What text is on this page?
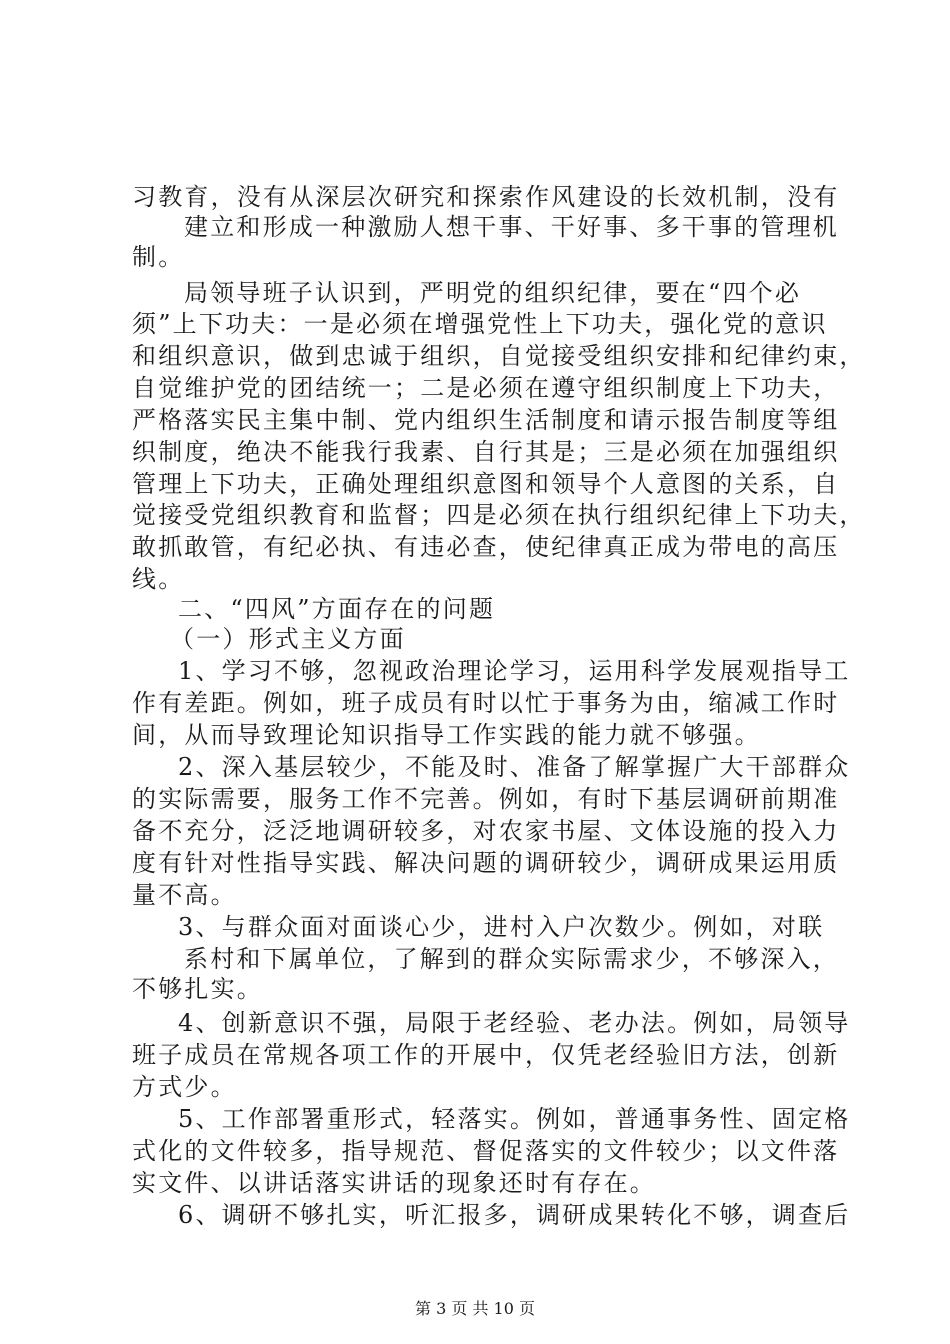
习教育，没有从深层次研究和探索作风建设的长效机制，没有
建立和形成一种激励人想干事、干好事、多干事的管理机
制。
局领导班子认识到，严明党的组织纪律，要在“四个必
须”上下功夫：一是必须在增强党性上下功夫，强化党的意识
和组织意识，做到忠诚于组织，自觉接受组织安排和纪律约束，
自觉维护党的团结统一；二是必须在遵守组织制度上下功夫，
严格落实民主集中制、党内组织生活制度和请示报告制度等组
织制度，绝决不能我行我素、自行其是；三是必须在加强组织
管理上下功夫，正确处理组织意图和领导个人意图的关系，自
觉接受党组织教育和监督；四是必须在执行组织纪律上下功夫，
敢抓敢管，有纪必执、有违必查，使纪律真正成为带电的高压
线。
二、“四风”方面存在的问题
（一）形式主义方面
1、学习不够，忽视政治理论学习，运用科学发展观指导工
作有差距。例如，班子成员有时以忙于事务为由，缩减工作时
间，从而导致理论知识指导工作实践的能力就不够强。
2、深入基层较少，不能及时、准备了解掌握广大干部群众
的实际需要，服务工作不完善。例如，有时下基层调研前期准
备不充分，泛泛地调研较多，对农家书屋、文体设施的投入力
度有针对性指导实践、解决问题的调研较少，调研成果运用质
量不高。
3、与群众面对面谈心少，进村入户次数少。例如，对联
系村和下属单位，了解到的群众实际需求少，不够深入，
不够扎实。
4、创新意识不强，局限于老经验、老办法。例如，局领导
班子成员在常规各项工作的开展中，仅凭老经验旧方法，创新
方式少。
5、工作部署重形式，轻落实。例如，普通事务性、固定格
式化的文件较多，指导规范、督促落实的文件较少；以文件落
实文件、以讲话落实讲话的现象还时有存在。
6、调研不够扎实，听汇报多，调研成果转化不够，调查后
第 3 页 共 10 页
